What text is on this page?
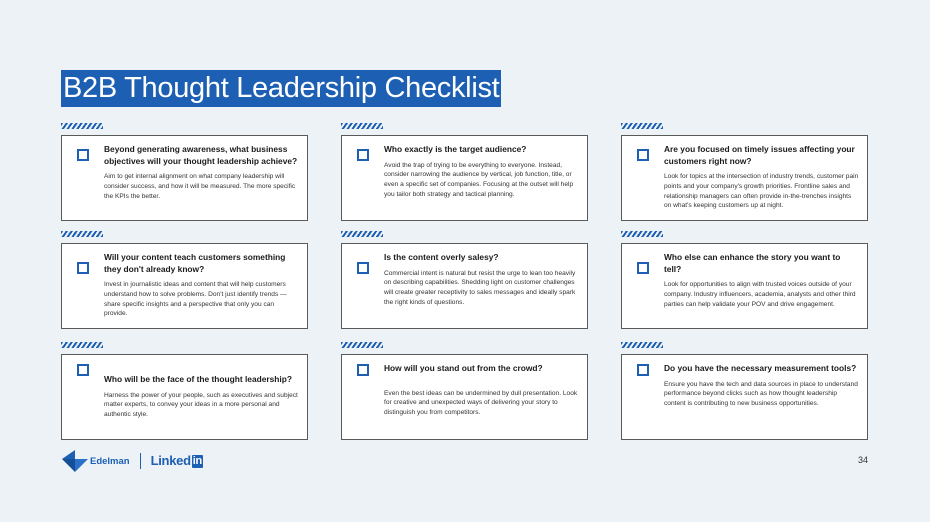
B2B Thought Leadership Checklist
Beyond generating awareness, what business objectives will your thought leadership achieve?

Aim to get internal alignment on what company leadership will consider success, and how it will be measured. The more specific the KPIs the better.

Who exactly is the target audience?

Avoid the trap of trying to be everything to everyone. Instead, consider narrowing the audience by vertical, job function, title, or even a specific set of companies. Focusing at the outset will help you tailor both strategy and tactical planning.

Are you focused on timely issues affecting your customers right now?

Look for topics at the intersection of industry trends, customer pain points and your company's growth priorities. Frontline sales and relationship managers can often provide in-the-trenches insights on what's keeping customers up at night.

Will your content teach customers something they don't already know?

Invest in journalistic ideas and content that will help customers understand how to solve problems. Don't just identify trends — share specific insights and a perspective that only you can provide.

Is the content overly salesy?

Commercial intent is natural but resist the urge to lean too heavily on describing capabilities. Shedding light on customer challenges will create greater receptivity to sales messages and ideally spark the right kinds of questions.

Who else can enhance the story you want to tell?

Look for opportunities to align with trusted voices outside of your company. Industry influencers, academia, analysts and other third parties can help validate your POV and drive engagement.

Who will be the face of the thought leadership?

Harness the power of your people, such as executives and subject matter experts, to convey your ideas in a more personal and authentic style.

How will you stand out from the crowd?

Even the best ideas can be undermined by dull presentation. Look for creative and unexpected ways of delivering your story to distinguish you from competitors.

Do you have the necessary measurement tools?

Ensure you have the tech and data sources in place to understand performance beyond clicks such as how thought leadership content is contributing to new business opportunities.

Edelman Linked in	34
